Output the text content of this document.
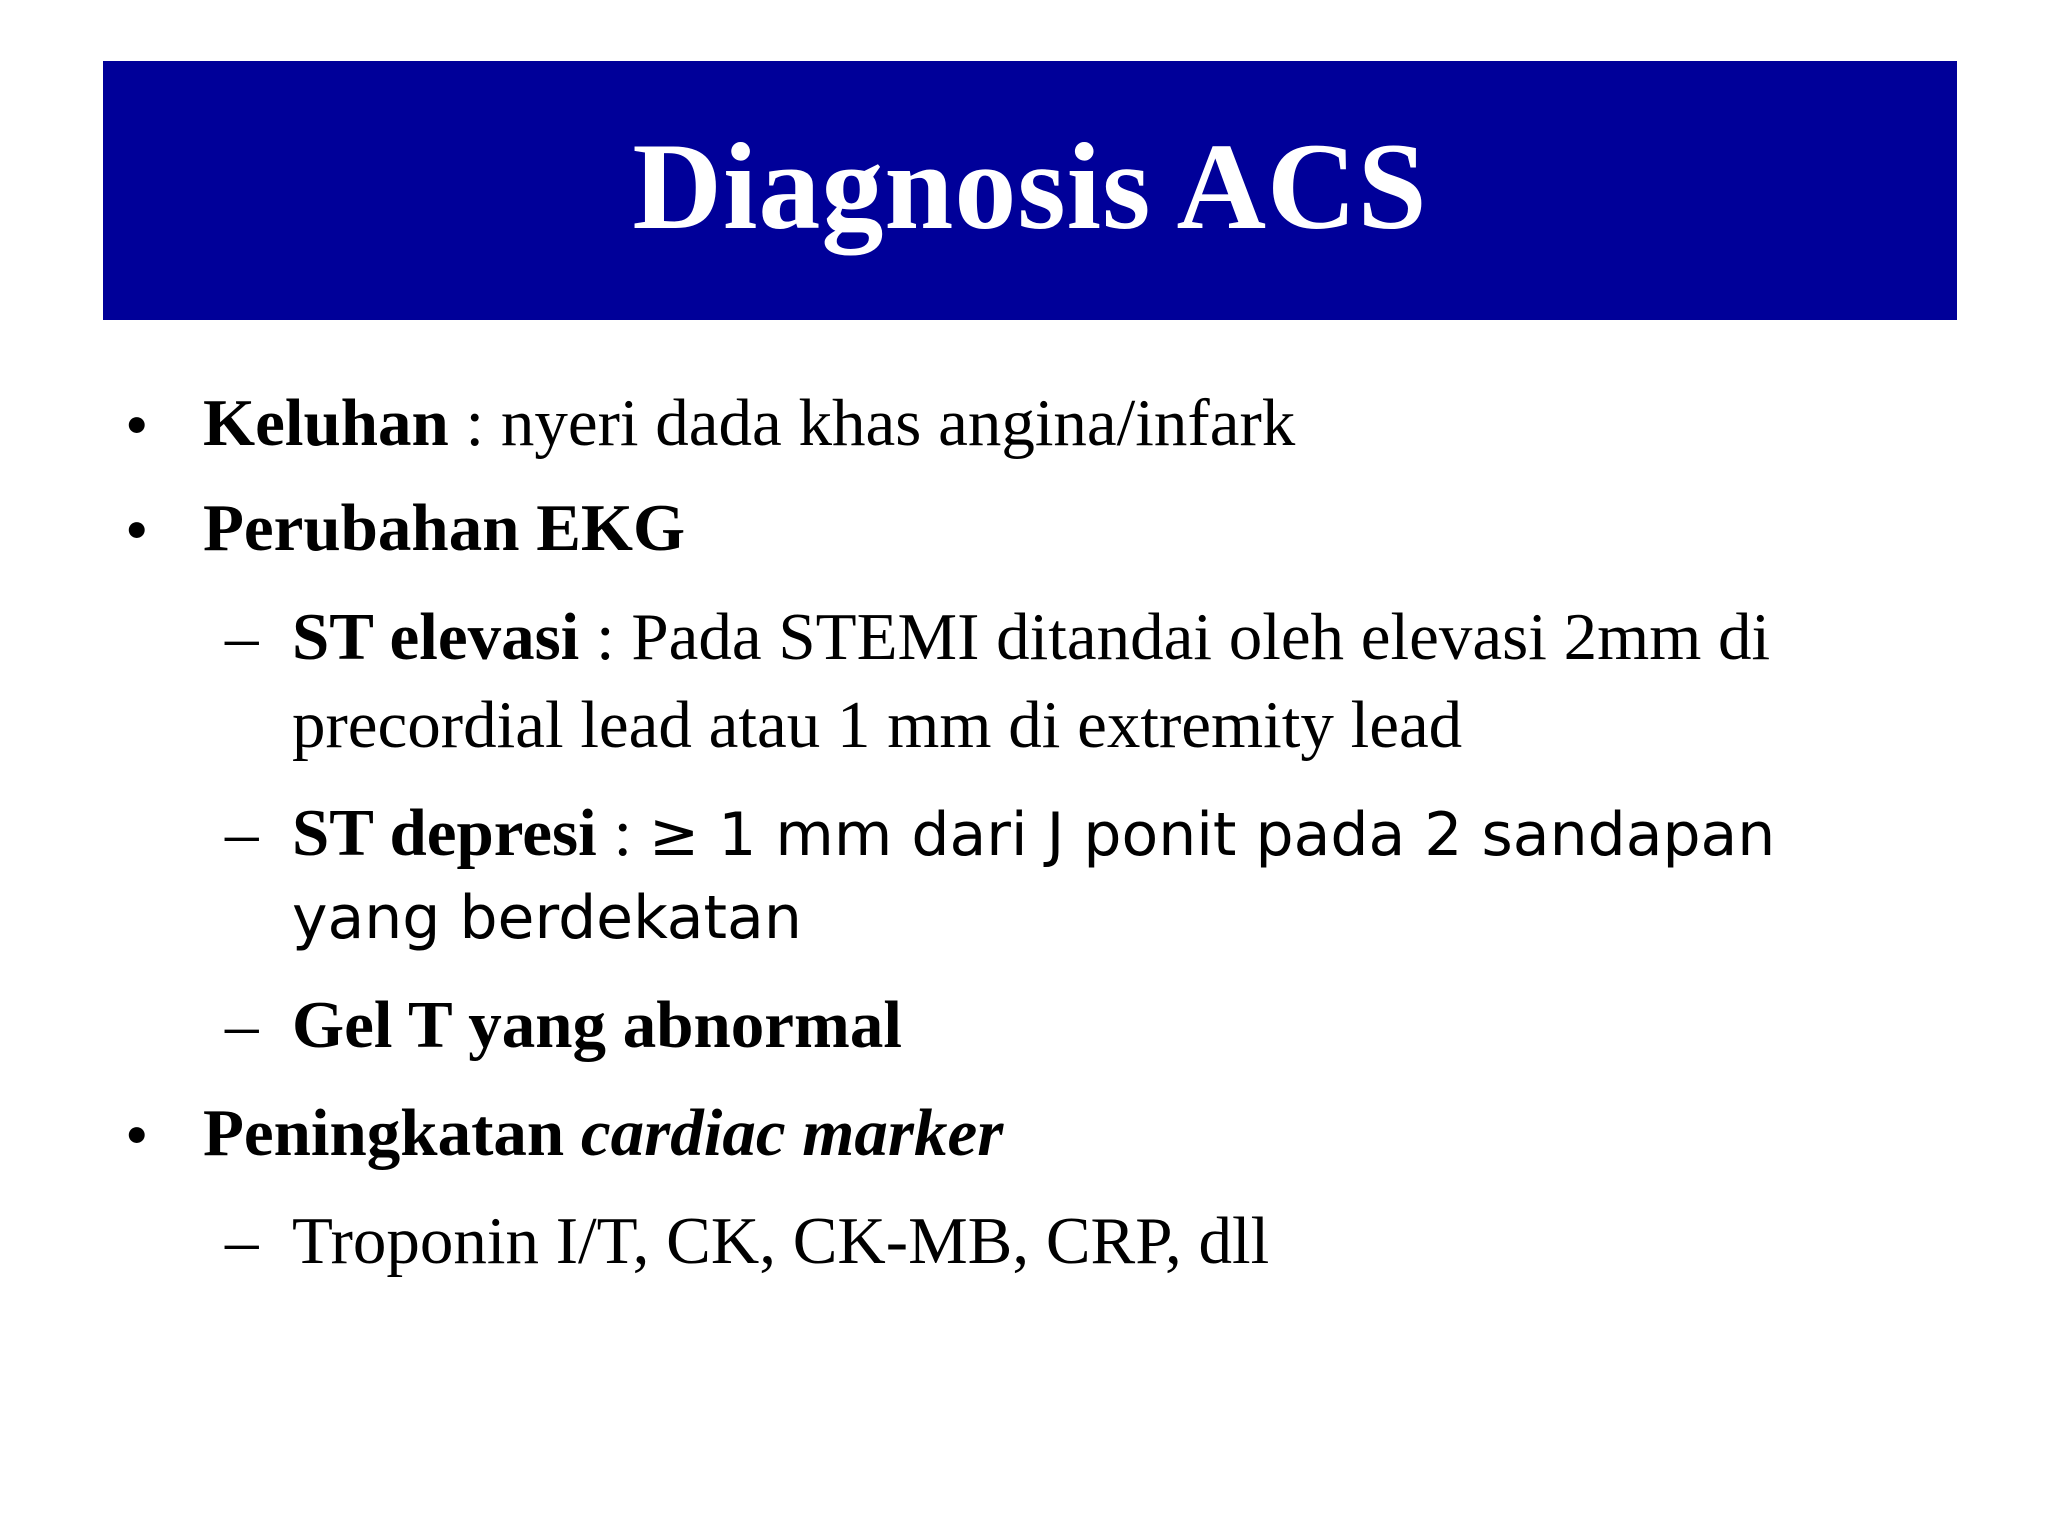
Diagnosis ACS
• Keluhan : nyeri dada khas angina/infark
• Perubahan EKG
– ST elevasi : Pada STEMI ditandai oleh elevasi 2mm di
precordial lead atau 1 mm di extremity lead
– ST depresi : ≥ 1 mm dari J ponit pada 2 sandapan
yang berdekatan
– Gel T yang abnormal
• Peningkatan cardiac marker
– Troponin I/T, CK, CK-MB, CRP, dll
